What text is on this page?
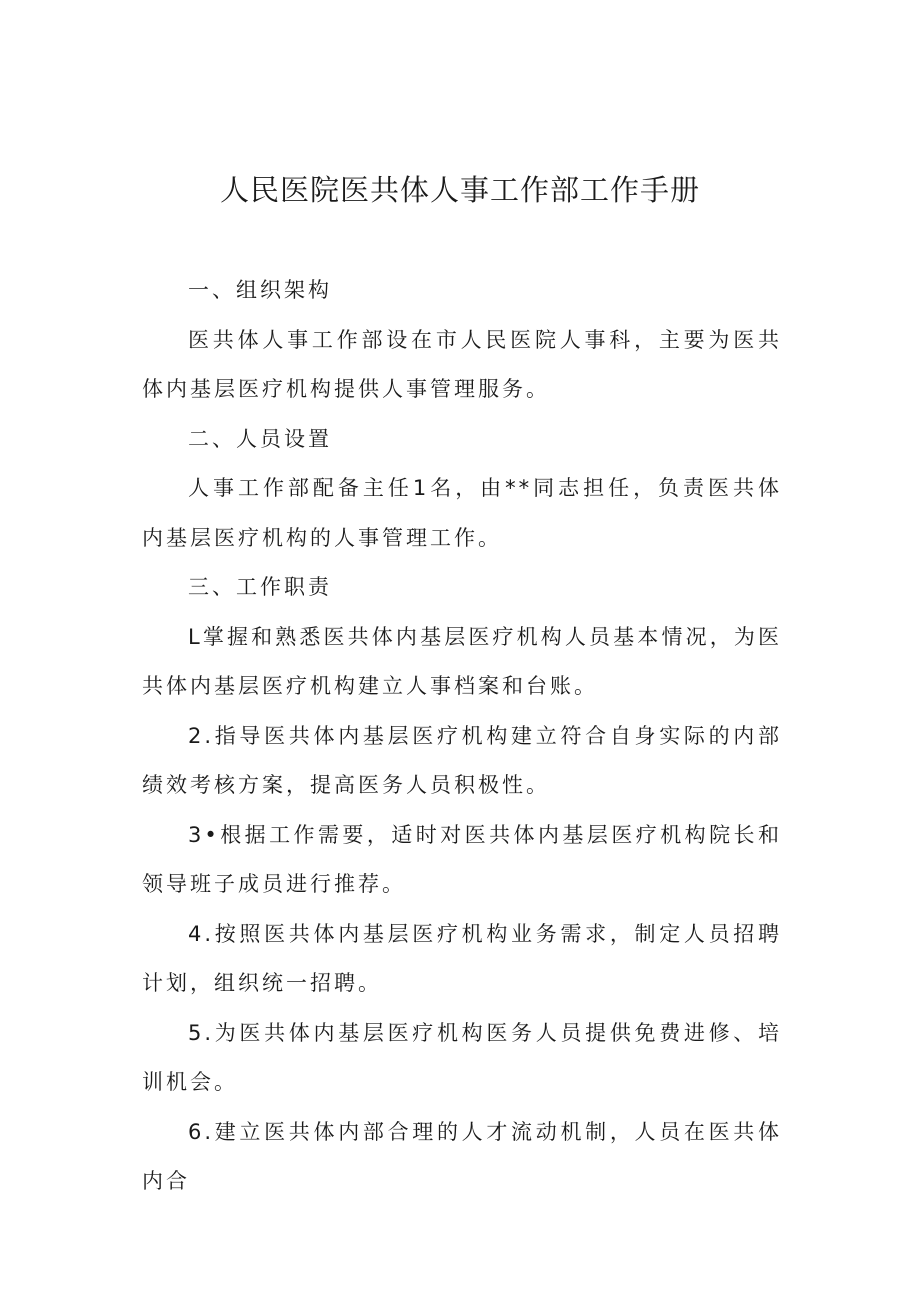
人民医院医共体人事工作部工作手册

一、组织架构

医共体人事工作部设在市人民医院人事科，主要为医共体内基层医疗机构提供人事管理服务。

二、人员设置

人事工作部配备主任1名，由**同志担任，负责医共体内基层医疗机构的人事管理工作。

三、工作职责

L掌握和熟悉医共体内基层医疗机构人员基本情况，为医共体内基层医疗机构建立人事档案和台账。

2.指导医共体内基层医疗机构建立符合自身实际的内部绩效考核方案，提高医务人员积极性。

3•根据工作需要，适时对医共体内基层医疗机构院长和领导班子成员进行推荐。

4.按照医共体内基层医疗机构业务需求，制定人员招聘计划，组织统一招聘。

5.为医共体内基层医疗机构医务人员提供免费进修、培训机会。

6.建立医共体内部合理的人才流动机制，人员在医共体内合
